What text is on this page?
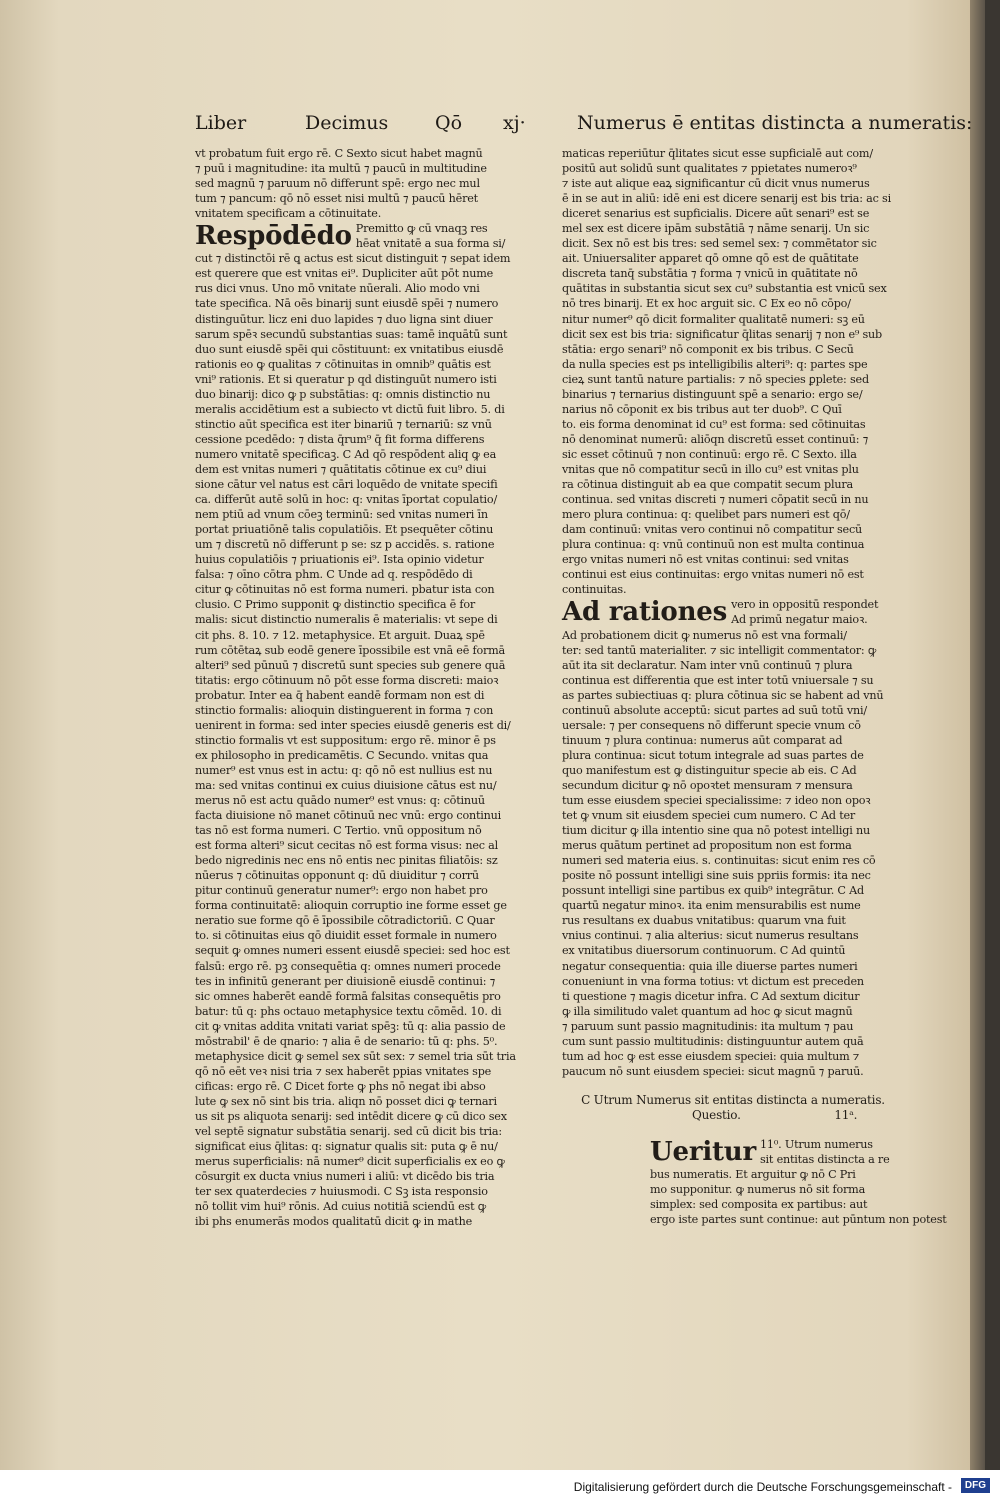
Liber	Decimus Qō xj·	Numerus ē entitas distincta a numeratis:
vt probatum fuit ergo rē. C Sexto sicut habet magnū
⁊ puū i magnitudine: ita multū ⁊ paucū in multitudine
sed magnū ⁊ paruum nō differunt spē: ergo nec mul
tum ⁊ pancum: qō nō esset nisi multū ⁊ paucū hēret
vnitatem specificam a cōtinuitate.
Respōdēdo Premitto ꝙ cū vnaqꝫ res
hēat vnitatē a sua forma si/
cut ⁊ distinctōi rē ꝗ actus est sicut distinguit ⁊ sepat idem
est querere que est vnitas ei⁹. Dupliciter aūt pōt nume
rus dici vnus. Uno mō vnitate nūerali. Alio modo vni
tate specifica. Nā oēs binarij sunt eiusdē spēi ⁊ numero
distinguūtur. licz eni duo lapides ⁊ duo ligna sint diuer
sarum spēꝛ secundū substantias suas: tamē inquātū sunt
duo sunt eiusdē spēi qui cōstituunt: ex vnitatibus eiusdē
rationis eo ꝙ qualitas ⁊ cōtinuitas in omnib⁹ quātis est
vni⁹ rationis. Et si queratur p qd distinguūt numero isti
duo binarij: dico ꝙ p substātias: q: omnis distinctio nu
meralis accidētium est a subiecto vt dictū fuit libro. 5. di
stinctio aūt specifica est iter binariū ⁊ ternariū: sz vnū
cessione pcedēdo: ⁊ dista q̄rum⁹ q̄ fit forma differens
numero vnitatē specificaꝫ. C Ad qō respōdent aliq ꝙ ea
dem est vnitas numeri ⁊ quātitatis cōtinue ex cu⁹ diui
sione cātur vel natus est cāri loquēdo de vnitate specifi
ca. differūt autē solū in hoc: q: vnitas īportat copulatio/
nem ptiū ad vnum cōeꝫ terminū: sed vnitas numeri īn
portat priuatiōnē talis copulatiōis. Et psequēter cōtinu
um ⁊ discretū nō differunt p se: sz p accidēs. s. ratione
huius copulatiōis ⁊ priuationis ei⁹. Ista opinio videtur
falsa: ⁊ oīno cōtra phm. C Unde ad q. respōdēdo di
citur ꝙ cōtinuitas nō est forma numeri. pbatur ista con
clusio. C Primo supponit ꝙ distinctio specifica ē for
malis: sicut distinctio numeralis ē materialis: vt sepe di
cit phs. 8. 10. ⁊ 12. metaphysice. Et arguit. Duaꝝ spē
rum cōtētaꝝ sub eodē genere īpossibile est vnā eē formā
alteri⁹ sed pūnuū ⁊ discretū sunt species sub genere quā
titatis: ergo cōtinuum nō pōt esse forma discreti: maioꝛ
probatur. Inter ea q̄ habent eandē formam non est di
stinctio formalis: alioquin distinguerent in forma ⁊ con
uenirent in forma: sed inter species eiusdē generis est di/
stinctio formalis vt est suppositum: ergo rē. minor ē ps
ex philosopho in predicamētis. C Secundo. vnitas qua
numer⁹ est vnus est in actu: q: qō nō est nullius est nu
ma: sed vnitas continui ex cuius diuisione cātus est nu/
merus nō est actu quādo numer⁹ est vnus: q: cōtinuū
facta diuisione nō manet cōtinuū nec vnū: ergo continui
tas nō est forma numeri. C Tertio. vnū oppositum nō
est forma alteri⁹ sicut cecitas nō est forma visus: nec al
bedo nigredinis nec ens nō entis nec pinitas filiatōis: sz
nūerus ⁊ cōtinuitas opponunt q: dū diuiditur ⁊ corrū
pitur continuū generatur numer⁹: ergo non habet pro
forma continuitatē: alioquin corruptio ine forme esset ge
neratio sue forme qō ē īpossibile cōtradictoriū. C Quar
to. si cōtinuitas eius qō diuidit esset formale in numero
sequit ꝙ omnes numeri essent eiusdē speciei: sed hoc est
falsū: ergo rē. pꝫ consequētia q: omnes numeri procede
tes in infinitū generant per diuisionē eiusdē continui: ⁊
sic omnes haberēt eandē formā falsitas consequētis pro
batur: tū q: phs octauo metaphysice textu cōmēd. 10. di
cit ꝙ vnitas addita vnitati variat spēꝫ: tū q: alia passio de
mōstrabil' ē de qnario: ⁊ alia ē de senario: tū q: phs. 5⁰.
metaphysice dicit ꝙ semel sex sūt sex: ⁊ semel tria sūt tria
qō nō eēt veꝛ nisi tria ⁊ sex haberēt ppias vnitates spe
cificas: ergo rē. C Dicet forte ꝙ phs nō negat ibi abso
lute ꝙ sex nō sint bis tria. aliqn nō posset dici ꝙ ternari
us sit ps aliquota senarij: sed intēdit dicere ꝙ cū dico sex
vel septē signatur substātia senarij. sed cū dicit bis tria:
significat eius q̄litas: q: signatur qualis sit: puta ꝙ ē nu/
merus superficialis: nā numer⁹ dicit superficialis ex eo ꝙ
cōsurgit ex ducta vnius numeri i aliū: vt dicēdo bis tria
ter sex quaterdecies ⁊ huiusmodi. C Sꝫ ista responsio
nō tollit vim hui⁹ rōnis. Ad cuius notitiā sciendū est ꝙ
ibi phs enumerās modos qualitatū dicit ꝙ in mathe
maticas reperiūtur q̄litates sicut esse supficialē aut com/
positū aut solidū sunt qualitates ⁊ ppietates numeroꝛ⁹
⁊ iste aut alique eaꝝ significantur cū dicit vnus numerus
ē in se aut in aliū: idē eni est dicere senarij est bis tria: ac si
diceret senarius est supficialis. Dicere aūt senari⁹ est se
mel sex est dicere ipām substātiā ⁊ nāme senarij. Un sic
dicit. Sex nō est bis tres: sed semel sex: ⁊ commētator sic
ait. Uniuersaliter apparet qō omne qō est de quātitate
discreta tanq̄ substātia ⁊ forma ⁊ vnicū in quātitate nō
quātitas in substantia sicut sex cu⁹ substantia est vnicū sex
nō tres binarij. Et ex hoc arguit sic. C Ex eo nō cōpo/
nitur numer⁹ qō dicit formaliter qualitatē numeri: sꝫ eū
dicit sex est bis tria: significatur q̄litas senarij ⁊ non e⁹ sub
stātia: ergo senari⁹ nō componit ex bis tribus. C Secū
da nulla species est ps intelligibilis alteri⁹: q: partes spe
cieꝝ sunt tantū nature partialis: ⁊ nō species ꝑplete: sed
binarius ⁊ ternarius distinguunt spē a senario: ergo se/
narius nō cōponit ex bis tribus aut ter duob⁹. C Quī
to. eis forma denominat id cu⁹ est forma: sed cōtinuitas
nō denominat numerū: aliōqn discretū esset continuū: ⁊
sic esset cōtinuū ⁊ non continuū: ergo rē. C Sexto. illa
vnitas que nō compatitur secū in illo cu⁹ est vnitas plu
ra cōtinua distinguit ab ea que compatit secum plura
continua. sed vnitas discreti ⁊ numeri cōpatit secū in nu
mero plura continua: q: quelibet pars numeri est qō/
dam continuū: vnitas vero continui nō compatitur secū
plura continua: q: vnū continuū non est multa continua
ergo vnitas numeri nō est vnitas continui: sed vnitas
continui est eius continuitas: ergo vnitas numeri nō est
continuitas.
Ad rationes vero in oppositū respondet
Ad primū negatur maioꝛ.
Ad probationem dicit ꝙ numerus nō est vna formali/
ter: sed tantū materialiter. ⁊ sic intelligit commentator: ꝙ
aūt ita sit declaratur. Nam inter vnū continuū ⁊ plura
continua est differentia que est inter totū vniuersale ⁊ su
as partes subiectiuas q: plura cōtinua sic se habent ad vnū
continuū absolute acceptū: sicut partes ad suū totū vni/
uersale: ⁊ per consequens nō differunt specie vnum cō
tinuum ⁊ plura continua: numerus aūt comparat ad
plura continua: sicut totum integrale ad suas partes de
quo manifestum est ꝙ distinguitur specie ab eis. C Ad
secundum dicitur ꝙ nō opoꝛtet mensuram ⁊ mensura
tum esse eiusdem speciei specialissime: ⁊ ideo non opoꝛ
tet ꝙ vnum sit eiusdem speciei cum numero. C Ad ter
tium dicitur ꝙ illa intentio sine qua nō potest intelligi nu
merus quātum pertinet ad propositum non est forma
numeri sed materia eius. s. continuitas: sicut enim res cō
posite nō possunt intelligi sine suis ppriis formis: ita nec
possunt intelligi sine partibus ex quib⁹ integrātur. C Ad
quartū negatur minoꝛ. ita enim mensurabilis est nume
rus resultans ex duabus vnitatibus: quarum vna fuit
vnius continui. ⁊ alia alterius: sicut numerus resultans
ex vnitatibus diuersorum continuorum. C Ad quintū
negatur consequentia: quia ille diuerse partes numeri
conueniunt in vna forma totius: vt dictum est preceden
ti questione ⁊ magis dicetur infra. C Ad sextum dicitur
ꝙ illa similitudo valet quantum ad hoc ꝙ sicut magnū
⁊ paruum sunt passio magnitudinis: ita multum ⁊ pau
cum sunt passio multitudinis: distinguuntur autem quā
tum ad hoc ꝙ est esse eiusdem speciei: quia multum ⁊
paucum nō sunt eiusdem speciei: sicut magnū ⁊ paruū.
C Utrum Numerus sit entitas distincta a numeratis.
Questio.	11ᵃ.
Ueritur 11⁰. Utrum numerus
sit entitas distincta a re
bus numeratis. Et arguitur ꝙ nō C Pri
mo supponitur. ꝙ numerus nō sit forma
simplex: sed composita ex partibus: aut
ergo iste partes sunt continue: aut pūntum non potest
Digitalisierung gefördert durch die Deutsche Forschungsgemeinschaft -	DFG
